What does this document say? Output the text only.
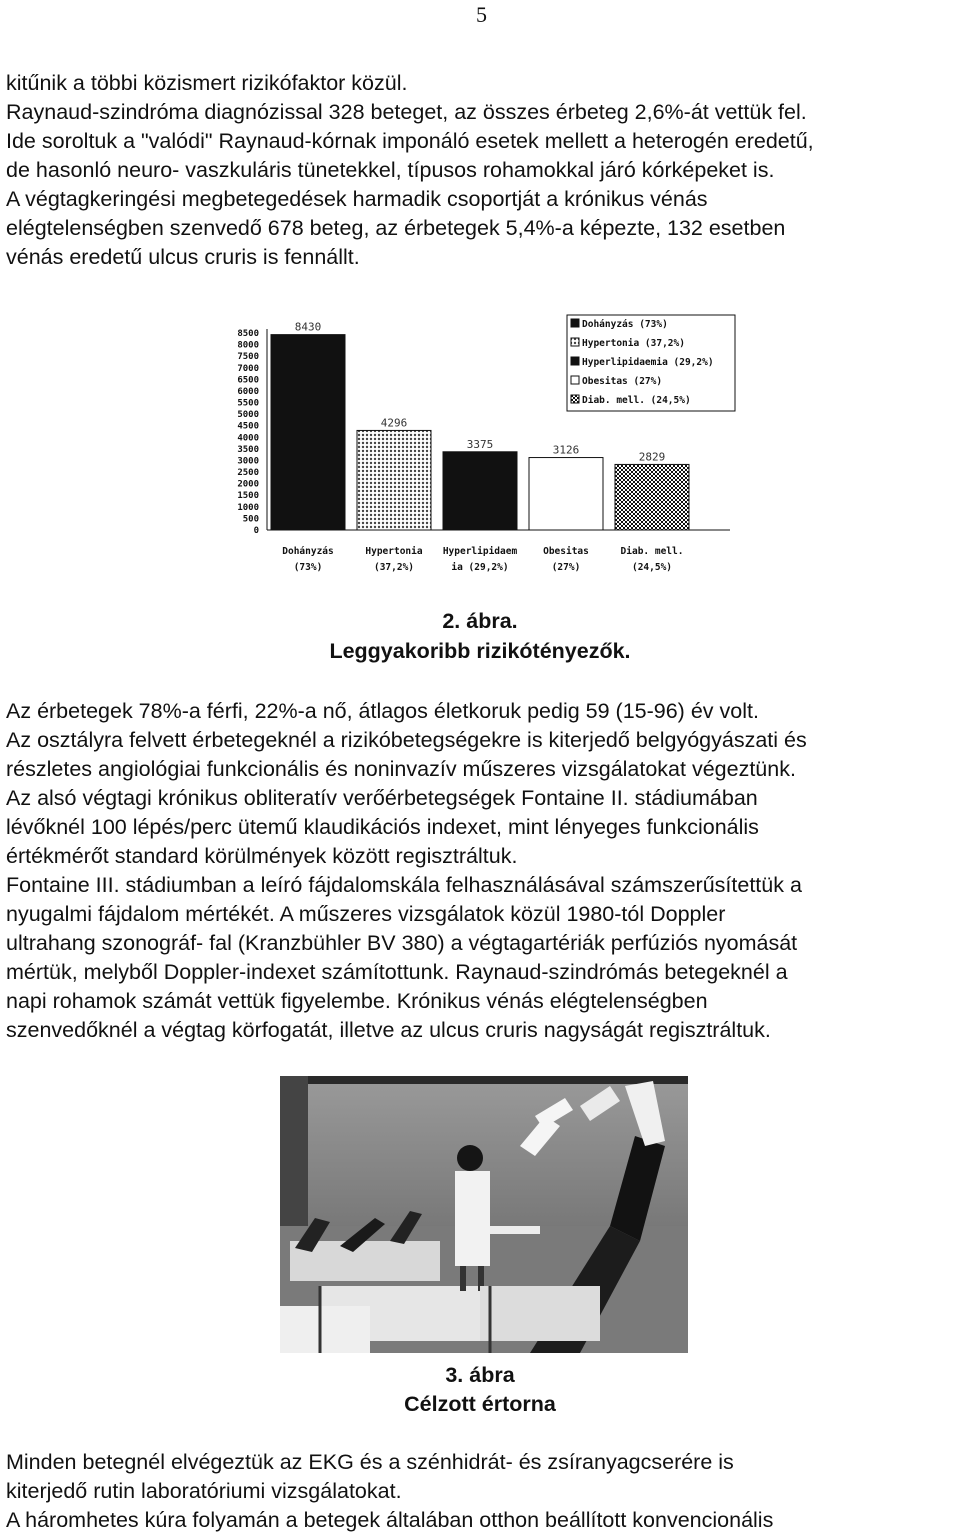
5

kitűnik a többi közismert rizikófaktor közül.
Raynaud-szindróma diagnózissal 328 beteget, az összes érbeteg 2,6%-át vettük fel.
Ide soroltuk a "valódi" Raynaud-kórnak imponáló esetek mellett a heterogén eredetű,
de hasonló neuro- vaszkuláris tünetekkel, típusos rohamokkal járó kórképeket is.
A végtagkeringési megbetegedések harmadik csoportját a krónikus vénás
elégtelenségben szenvedő 678 beteg, az érbetegek 5,4%-a képezte, 132 esetben
vénás eredetű ulcus cruris is fennállt.

0
500
1000
1500
2000
2500
3000
3500
4000
4500
5000
5500
6000
6500
7000
7500
8000
8500
8430
Dohányzás
(73%)
4296
Hypertonia
(37,2%)
3375
Hyperlipidaem
ia (29,2%)
3126
Obesitas
(27%)
2829
Diab. mell.
(24,5%)
Dohányzás (73%)
Hypertonia (37,2%)
Hyperlipidaemia (29,2%)
Obesitas (27%)
Diab. mell. (24,5%)
2. ábra.
Leggyakoribb rizikótényezők.

Az érbetegek 78%-a férfi, 22%-a nő, átlagos életkoruk pedig 59 (15-96) év volt.
Az osztályra felvett érbetegeknél a rizikóbetegségekre is kiterjedő belgyógyászati és
részletes angiológiai funkcionális és noninvazív műszeres vizsgálatokat végeztünk.
Az alsó végtagi krónikus obliteratív verőérbetegségek Fontaine II. stádiumában
lévőknél 100 lépés/perc ütemű klaudikációs indexet, mint lényeges funkcionális
értékmérőt standard körülmények között regisztráltuk.
Fontaine III. stádiumban a leíró fájdalomskála felhasználásával számszerűsítettük a
nyugalmi fájdalom mértékét. A műszeres vizsgálatok közül 1980-tól Doppler
ultrahang szonográf- fal (Kranzbühler BV 380) a végtagartériák perfúziós nyomását
mértük, melyből Doppler-indexet számítottunk. Raynaud-szindrómás betegeknél a
napi rohamok számát vettük figyelembe. Krónikus vénás elégtelenségben
szenvedőknél a végtag körfogatát, illetve az ulcus cruris nagyságát regisztráltuk.

3. ábra
Célzott értorna

Minden betegnél elvégeztük az EKG és a szénhidrát- és zsíranyagcserére is
kiterjedő rutin laboratóriumi vizsgálatokat.
A háromhetes kúra folyamán a betegek általában otthon beállított konvencionális
